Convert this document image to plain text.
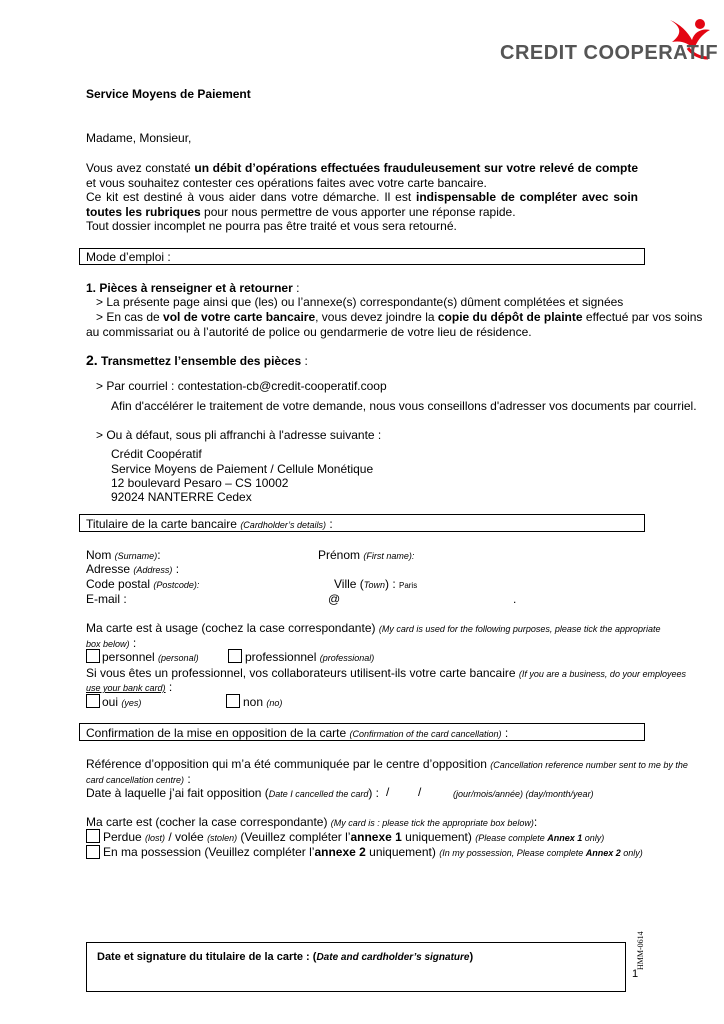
CREDIT COOPERATIF
Service Moyens de Paiement
Madame, Monsieur,

Vous avez constaté un débit d’opérations effectuées frauduleusement sur votre relevé de compte et vous souhaitez contester ces opérations faites avec votre carte bancaire.

Ce kit est destiné à vous aider dans votre démarche. Il est indispensable de compléter avec soin toutes les rubriques pour nous permettre de vous apporter une réponse rapide.

Tout dossier incomplet ne pourra pas être traité et vous sera retourné.

Mode d’emploi :
1. Pièces à renseigner et à retourner :
> La présente page ainsi que (les) ou l’annexe(s) correspondante(s) dûment complétées et signées
> En cas de vol de votre carte bancaire, vous devez joindre la copie du dépôt de plainte effectué par vos soins
au commissariat ou à l’autorité de police ou gendarmerie de votre lieu de résidence.
2. Transmettez l’ensemble des pièces :
> Par courriel : contestation-cb@credit-cooperatif.coop
Afin d'accélérer le traitement de votre demande, nous vous conseillons d'adresser vos documents par courriel.
> Ou à défaut, sous pli affranchi à l'adresse suivante :
Crédit Coopératif
Service Moyens de Paiement / Cellule Monétique
12 boulevard Pesaro – CS 10002
92024 NANTERRE Cedex
Titulaire de la carte bancaire (Cardholder’s details) :
Nom (Surname):	Prénom (First name):
Adresse (Address) :
Code postal (Postcode):	Ville (Town) : Paris
E-mail :	@	.
Ma carte est à usage (cochez la case correspondante) (My card is used for the following purposes, please tick the appropriate
box below) :
personnel (personal)	professionnel (professional)
Si vous êtes un professionnel, vos collaborateurs utilisent-ils votre carte bancaire (If you are a business, do your employees
use your bank card) :
oui (yes)	non (no)
Confirmation de la mise en opposition de la carte (Confirmation of the card cancellation) :
Référence d’opposition qui m’a été communiquée par le centre d’opposition (Cancellation reference number sent to me by the
card cancellation centre) :
Date à laquelle j’ai fait opposition (Date I cancelled the card) : / /	(jour/mois/année) (day/month/year)
Ma carte est (cocher la case correspondante) (My card is : please tick the appropriate box below):
Perdue (lost) / volée (stolen) (Veuillez compléter l’annexe 1 uniquement) (Please complete Annex 1 only)
En ma possession (Veuillez compléter l’annexe 2 uniquement) (In my possession, Please complete Annex 2 only)
Date et signature du titulaire de la carte : (Date and cardholder’s signature)
1
HMM-0614
